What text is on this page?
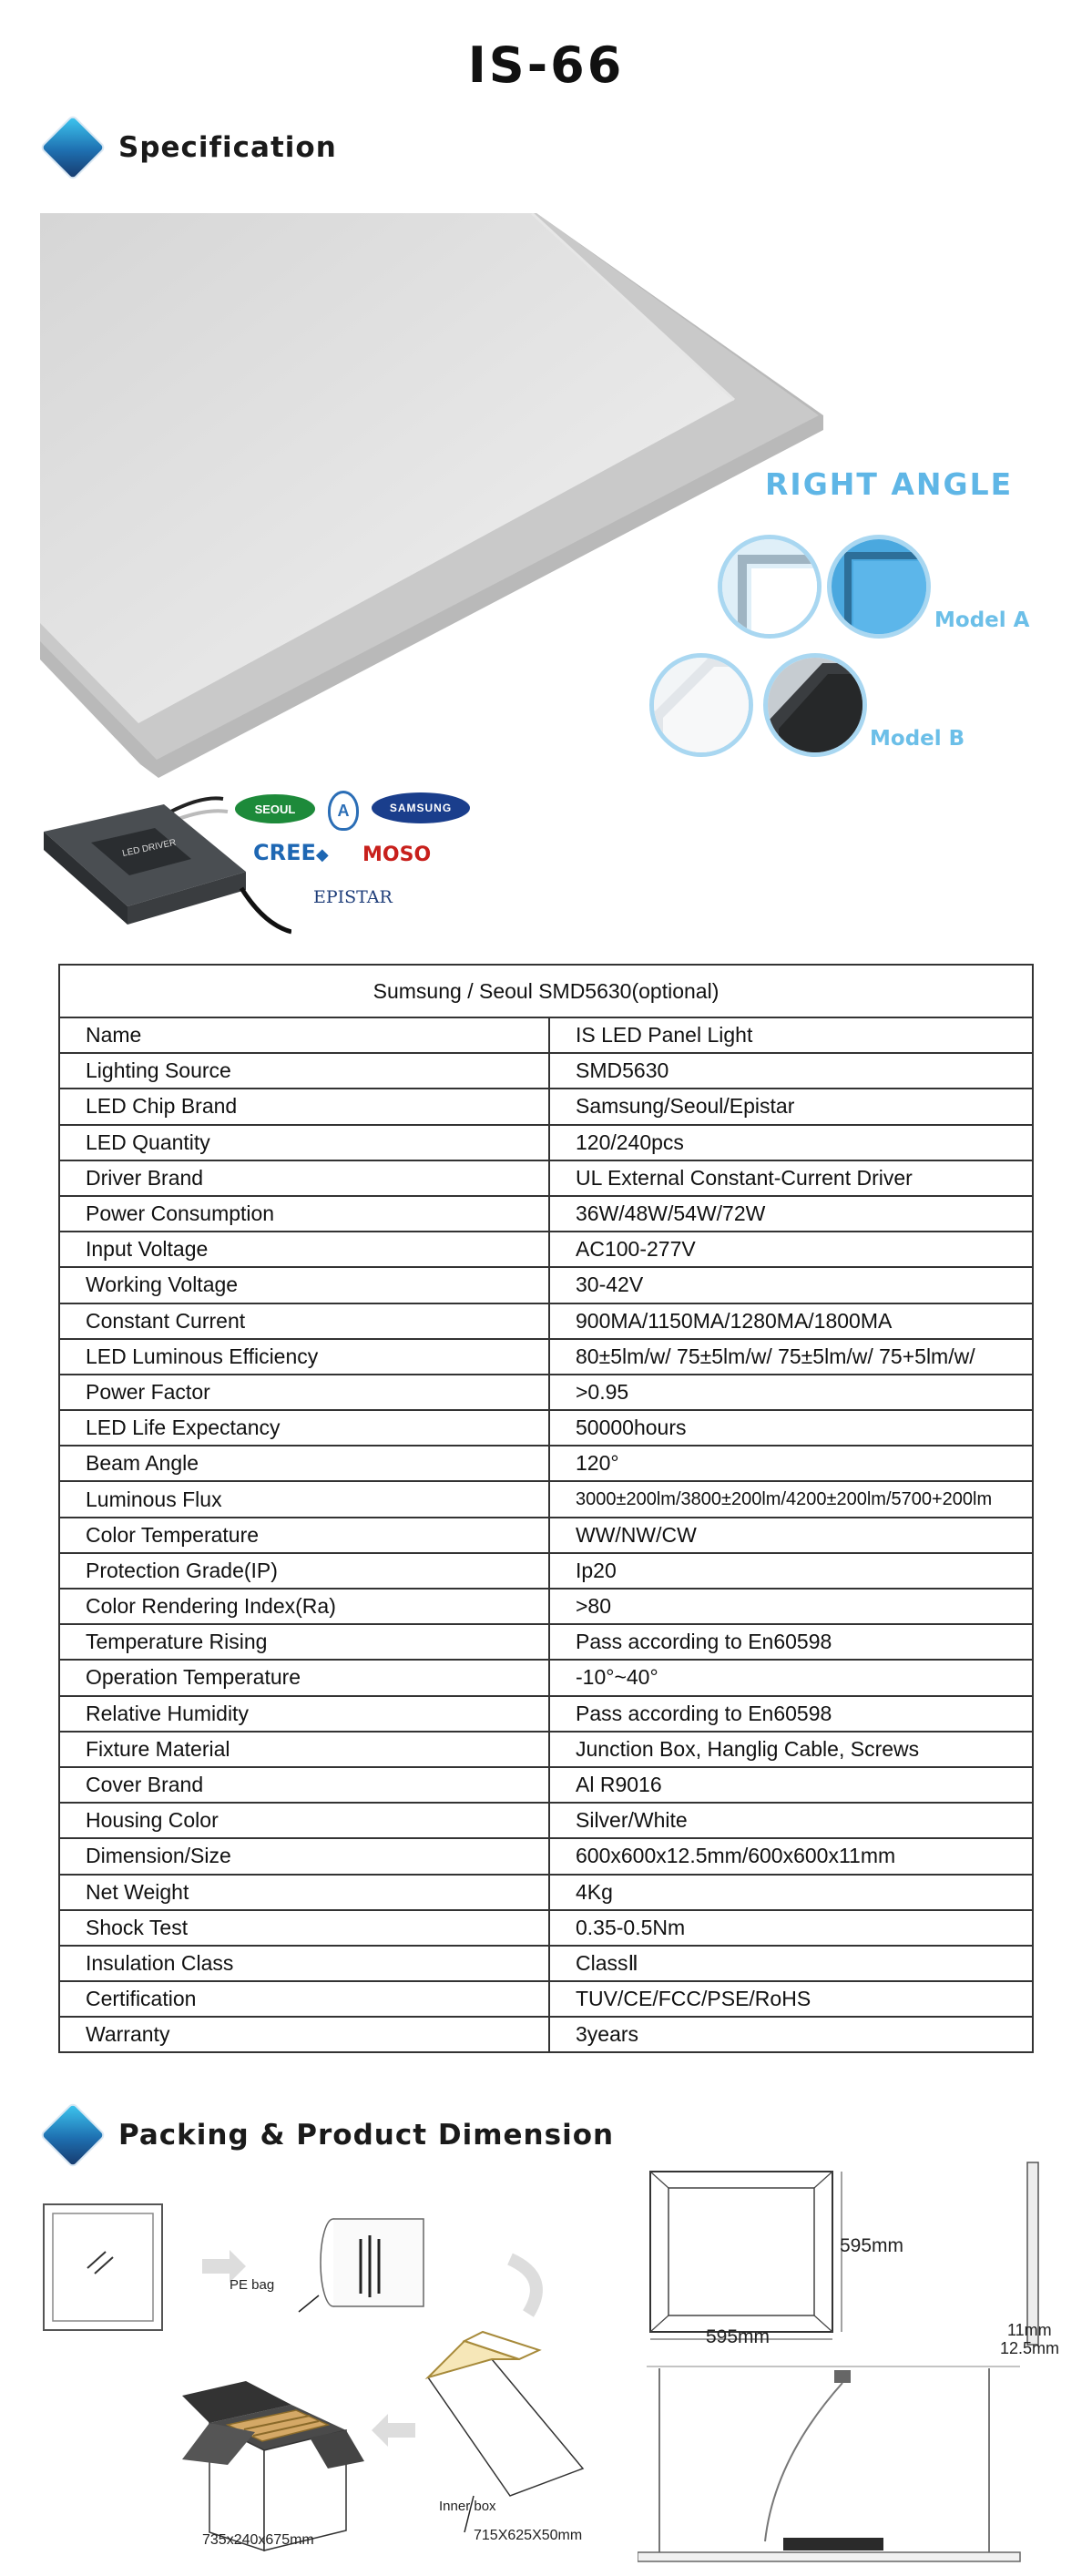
IS-66
Specification
RIGHT ANGLE
Model A
Model B
LED DRIVER
SEOUL	A	SAMSUNG
CREE◆ MOSO
EPISTAR
Sumsung / Seoul SMD5630(optional)	
Name	IS LED Panel Light
Lighting Source	SMD5630
LED Chip Brand	Samsung/Seoul/Epistar
LED Quantity	120/240pcs
Driver Brand	UL External Constant-Current Driver
Power Consumption	36W/48W/54W/72W
Input Voltage	AC100-277V
Working Voltage	30-42V
Constant Current	900MA/1150MA/1280MA/1800MA
LED Luminous Efficiency	80±5lm/w/ 75±5lm/w/ 75±5lm/w/ 75+5lm/w/
Power Factor	>0.95
LED Life Expectancy	50000hours
Beam Angle	120°
Luminous Flux	3000±200lm/3800±200lm/4200±200lm/5700+200lm
Color Temperature	WW/NW/CW
Protection Grade(IP)	Ip20
Color Rendering Index(Ra)	>80
Temperature Rising	Pass according to En60598
Operation Temperature	-10°~40°
Relative Humidity	Pass according to En60598
Fixture Material	Junction Box, Hanglig Cable, Screws
Cover Brand	Al R9016
Housing Color	Silver/White
Dimension/Size	600x600x12.5mm/600x600x11mm
Net Weight	4Kg
Shock Test	0.35-0.5Nm
Insulation Class	ClassⅡ
Certification	TUV/CE/FCC/PSE/RoHS
Warranty	3years
Packing & Product Dimension
PE bag
Inner box
715X625X50mm
735x240x675mm
595mm
595mm	11mm
12.5mm
